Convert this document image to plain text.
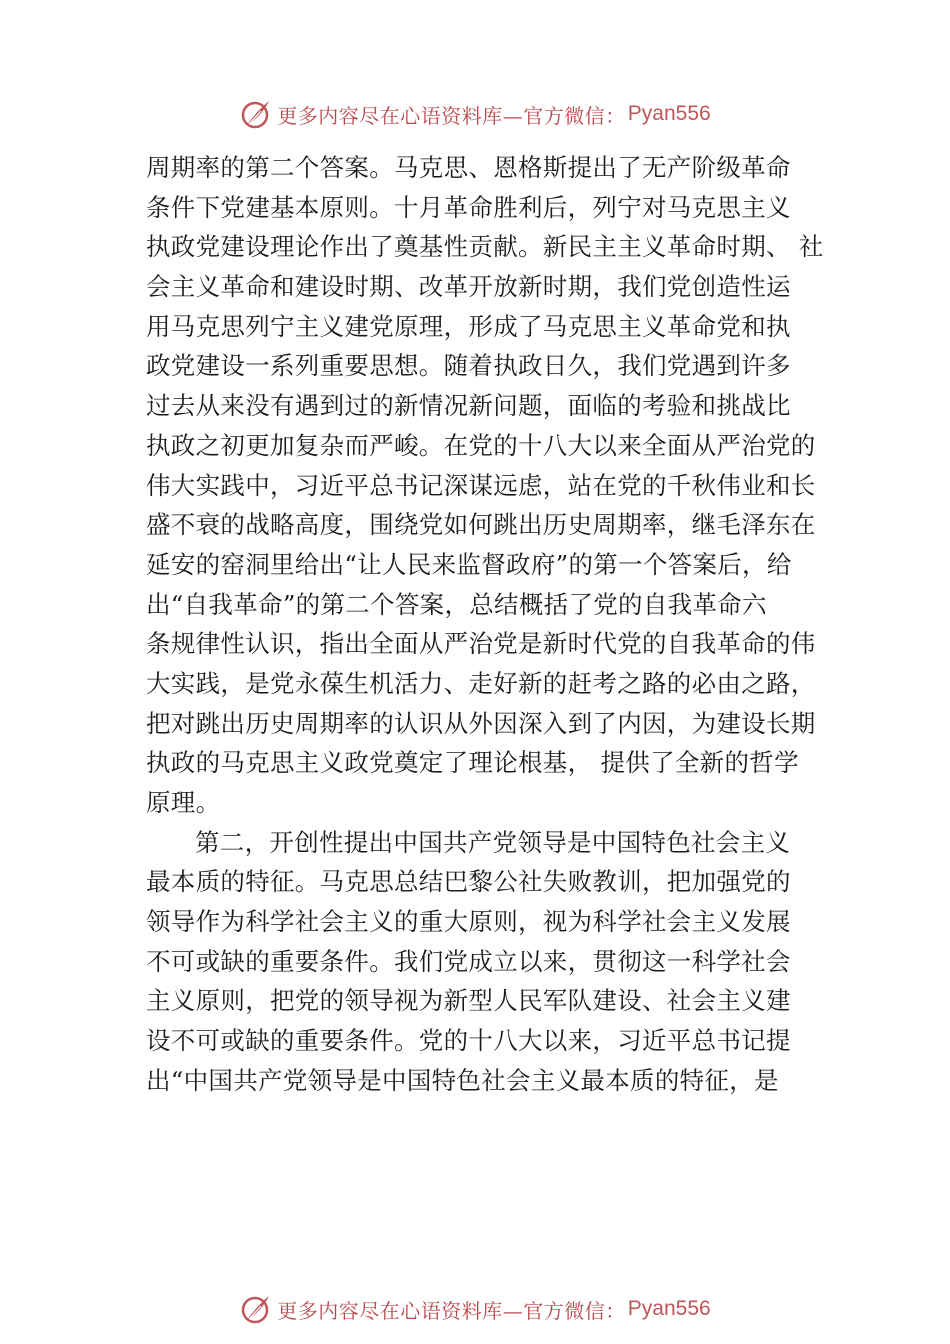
更多内容尽在心语资料库—官方微信： Pyan556
周期率的第二个答案。马克思、恩格斯提出了无产阶级革命
条件下党建基本原则。十月革命胜利后，列宁对马克思主义
执政党建设理论作出了奠基性贡献。新民主主义革命时期、 社
会主义革命和建设时期、改革开放新时期，我们党创造性运
用马克思列宁主义建党原理，形成了马克思主义革命党和执
政党建设一系列重要思想。随着执政日久，我们党遇到许多
过去从来没有遇到过的新情况新问题，面临的考验和挑战比
执政之初更加复杂而严峻。在党的十八大以来全面从严治党的
伟大实践中，习近平总书记深谋远虑，站在党的千秋伟业和长
盛不衰的战略高度，围绕党如何跳出历史周期率，继毛泽东在
延安的窑洞里给出“让人民来监督政府”的第一个答案后，给
出“自我革命”的第二个答案，总结概括了党的自我革命六
条规律性认识，指出全面从严治党是新时代党的自我革命的伟
大实践，是党永葆生机活力、走好新的赶考之路的必由之路，
把对跳出历史周期率的认识从外因深入到了内因，为建设长期
执政的马克思主义政党奠定了理论根基， 提供了全新的哲学
原理。
第二，开创性提出中国共产党领导是中国特色社会主义
最本质的特征。马克思总结巴黎公社失败教训，把加强党的
领导作为科学社会主义的重大原则，视为科学社会主义发展
不可或缺的重要条件。我们党成立以来，贯彻这一科学社会
主义原则，把党的领导视为新型人民军队建设、社会主义建
设不可或缺的重要条件。党的十八大以来，习近平总书记提
出“中国共产党领导是中国特色社会主义最本质的特征，是
更多内容尽在心语资料库—官方微信： Pyan556
